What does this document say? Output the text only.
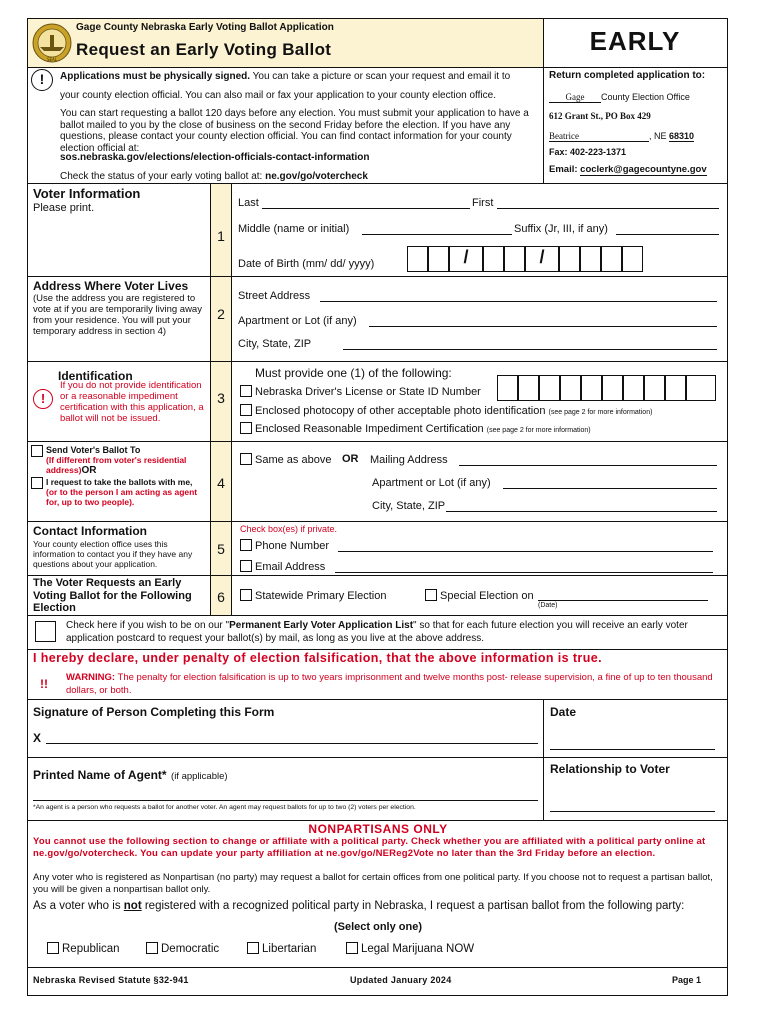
SEAL
Gage County Nebraska Early Voting Ballot Application
Request an Early Voting Ballot	EARLY
!	Applications must be physically signed. You can take a picture or scan your request and email it to
your county election official. You can also mail or fax your application to your county election office.
You can start requesting a ballot 120 days before any election. You must submit your application to have a ballot mailed to you by the close of business on the second Friday before the election. If you have any questions, please contact your county election official. You can find contact information for your county election official at:
sos.nebraska.gov/elections/election-officials-contact-information
Check the status of your early voting ballot at: ne.gov/go/votercheck
Return completed application to:
Gage County Election Office
612 Grant St., PO Box 429
Beatrice	, NE 68310
Fax: 402-223-1371
Email: coclerk@gagecountyne.gov
Voter Information
Please print.
1
Last	First
Middle (name or initial)	Suffix (Jr, III, if any)
Date of Birth (mm/ dd/ yyyy)	/	/
Address Where Voter Lives
(Use the address you are registered to vote at if you are temporarily living away from your residence. You will put your temporary address in section 4)
2
Street Address
Apartment or Lot (if any)
City, State, ZIP
Identification
!
If you do not provide identification or a reasonable impediment certification with this application, a ballot will not be issued.
3
Must provide one (1) of the following:
Nebraska Driver's License or State ID Number
Enclosed photocopy of other acceptable photo identification (see page 2 for more information)
Enclosed Reasonable Impediment Certification (see page 2 for more information)
Send Voter's Ballot To
(If different from voter's residential address)OR
I request to take the ballots with me,
(or to the person I am acting as agent for, up to two people).
4
Same as above OR Mailing Address
Apartment or Lot (if any)
City, State, ZIP
Contact Information
Your county election office uses this information to contact you if they have any questions about your application.
5
Check box(es) if private.
Phone Number
Email Address
The Voter Requests an Early Voting Ballot for the Following Election
6	Statewide Primary Election	Special Election on
(Date)
Check here if you wish to be on our "Permanent Early Voter Application List" so that for each future election you will receive an early voter application postcard to request your ballot(s) by mail, as long as you live at the above address.
I hereby declare, under penalty of election falsification, that the above information is true.
!! WARNING: The penalty for election falsification is up to two years imprisonment and twelve months post- release supervision, a fine of up to ten thousand dollars, or both.
Signature of Person Completing this Form
X
Date
Printed Name of Agent* (if applicable)
*An agent is a person who requests a ballot for another voter. An agent may request ballots for up to two (2) voters per election.
Relationship to Voter
NONPARTISANS ONLY
You cannot use the following section to change or affiliate with a political party. Check whether you are affiliated with a political party online at ne.gov/go/votercheck. You can update your party affiliation at ne.gov/go/NEReg2Vote no later than the 3rd Friday before an election.
Any voter who is registered as Nonpartisan (no party) may request a ballot for certain offices from one political party. If you choose not to request a partisan ballot, you will be given a nonpartisan ballot only.
As a voter who is not registered with a recognized political party in Nebraska, I request a partisan ballot from the following party:
(Select only one)
Republican	Democratic	Libertarian	Legal Marijuana NOW
Nebraska Revised Statute §32-941	Updated January 2024	Page 1
